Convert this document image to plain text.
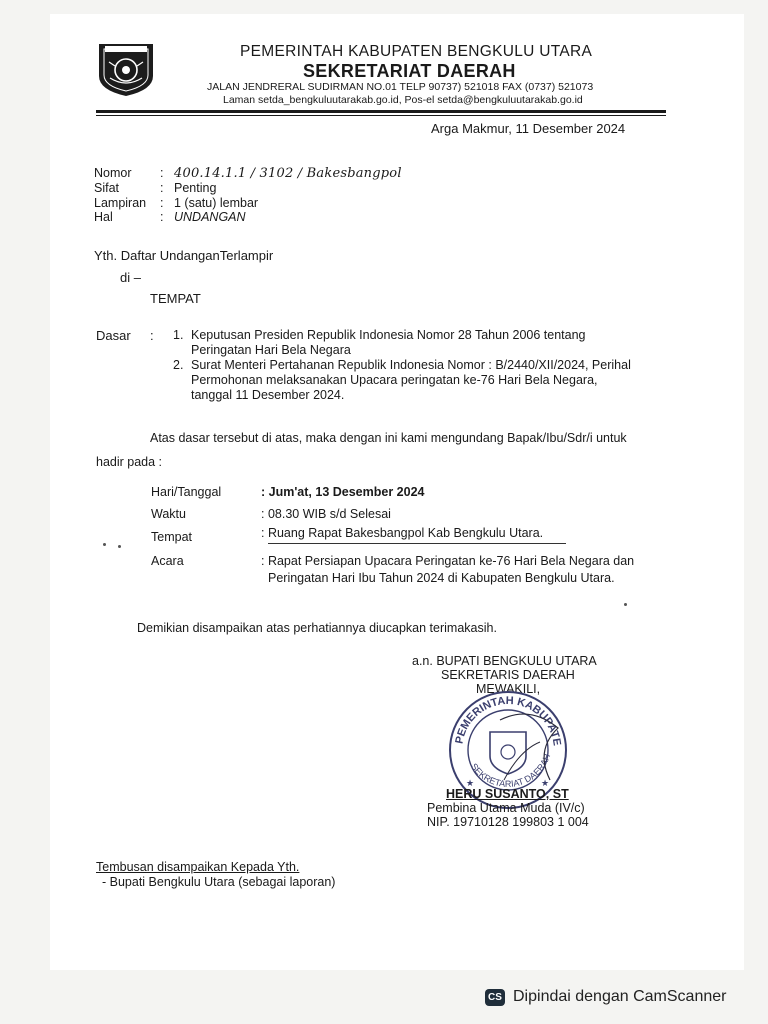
PEMERINTAH KABUPATEN BENGKULU UTARA
SEKRETARIAT DAERAH
JALAN JENDRERAL SUDIRMAN NO.01 TELP 90737) 521018 FAX (0737) 521073
Laman setda_bengkuluutarakab.go.id, Pos-el setda@bengkuluutarakab.go.id
Arga Makmur, 11 Desember 2024
Nomor : 400.14.1.1 / 3102 / Bakesbangpol
Sifat	: Penting
Lampiran : 1 (satu) lembar
Hal	: UNDANGAN
Yth. Daftar UndanganTerlampir
di –
TEMPAT
Dasar : 1. Keputusan Presiden Republik Indonesia Nomor 28 Tahun 2006 tentang
Peringatan Hari Bela Negara
2. Surat Menteri Pertahanan Republik Indonesia Nomor : B/2440/XII/2024, Perihal
Permohonan melaksanakan Upacara peringatan ke-76 Hari Bela Negara,
tanggal 11 Desember 2024.
Atas dasar tersebut di atas, maka dengan ini kami mengundang Bapak/Ibu/Sdr/i untuk
hadir pada :
Hari/Tanggal	: Jum'at, 13 Desember 2024
Waktu	: 08.30 WIB s/d Selesai
Tempat	: Ruang Rapat Bakesbangpol Kab Bengkulu Utara.
Acara	: Rapat Persiapan Upacara Peringatan ke-76 Hari Bela Negara dan
Peringatan Hari Ibu Tahun 2024 di Kabupaten Bengkulu Utara.
Demikian disampaikan atas perhatiannya diucapkan terimakasih.
a.n. BUPATI BENGKULU UTARA
SEKRETARIS DAERAH
MEWAKILI,
PEMERINTAH KABUPATE
SEKRETARIAT DAERAH
★	★
HERU SUSANTO, ST
Pembina Utama Muda (IV/c)
NIP. 19710128 199803 1 004
Tembusan disampaikan Kepada Yth.
- Bupati Bengkulu Utara (sebagai laporan)
CS Dipindai dengan CamScanner
